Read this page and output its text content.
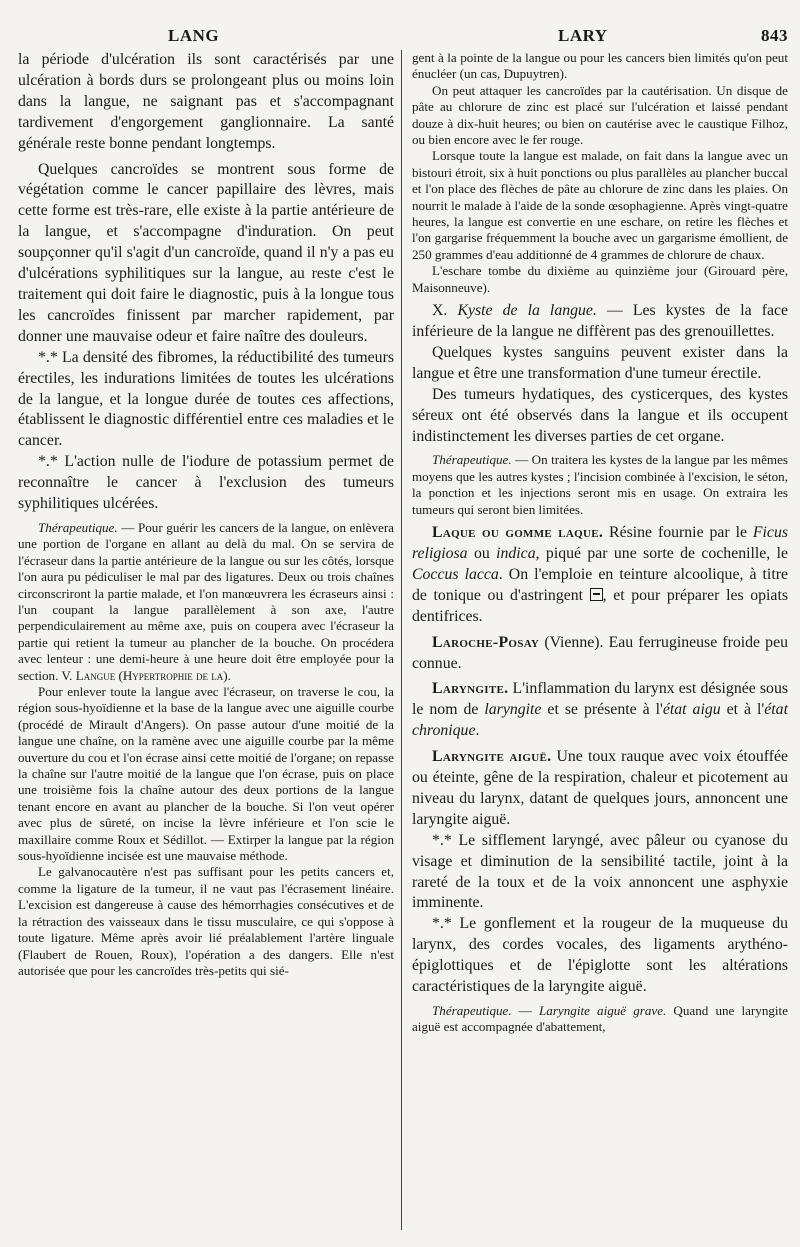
LANG	LARY	843

la période d'ulcération ils sont caractérisés par une ulcération à bords durs se prolongeant plus ou moins loin dans la langue, ne saignant pas et s'accompagnant tardivement d'engorgement ganglionnaire. La santé générale reste bonne pendant longtemps.

Quelques cancroïdes se montrent sous forme de végétation comme le cancer papillaire des lèvres, mais cette forme est très-rare, elle existe à la partie antérieure de la langue, et s'accompagne d'induration. On peut soupçonner qu'il s'agit d'un cancroïde, quand il n'y a pas eu d'ulcérations syphilitiques sur la langue, au reste c'est le traitement qui doit faire le diagnostic, puis à la longue tous les cancroïdes finissent par marcher rapidement, par donner une mauvaise odeur et faire naître des douleurs.

*.* La densité des fibromes, la réductibilité des tumeurs érectiles, les indurations limitées de toutes les ulcérations de la langue, et la longue durée de toutes ces affections, établissent le diagnostic différentiel entre ces maladies et le cancer.

*.* L'action nulle de l'iodure de potassium permet de reconnaître le cancer à l'exclusion des tumeurs syphilitiques ulcérées.

Thérapeutique. — Pour guérir les cancers de la langue, on enlèvera une portion de l'organe en allant au delà du mal. On se servira de l'écraseur dans la partie antérieure de la langue ou sur les côtés, lorsque l'on aura pu pédiculiser le mal par des ligatures. Deux ou trois chaînes circonscriront la partie malade, et l'on manœuvrera les écraseurs ainsi : l'un coupant la langue parallèlement à son axe, l'autre perpendiculairement au même axe, puis on coupera avec l'écraseur la partie qui retient la tumeur au plancher de la bouche. On procédera avec lenteur : une demi-heure à une heure doit être employée pour la section. V. Langue (Hypertrophie de la).

Pour enlever toute la langue avec l'écraseur, on traverse le cou, la région sous-hyoïdienne et la base de la langue avec une aiguille courbe (procédé de Mirault d'Angers). On passe autour d'une moitié de la langue une chaîne, on la ramène avec une aiguille courbe par la même ouverture du cou et l'on écrase ainsi cette moitié de l'organe; on repasse la chaîne sur l'autre moitié de la langue que l'on écrase, puis on place une troisième fois la chaîne autour des deux portions de la langue tenant encore en avant au plancher de la bouche. Si l'on veut opérer avec plus de sûreté, on incise la lèvre inférieure et l'on scie le maxillaire comme Roux et Sédillot. — Extirper la langue par la région sous-hyoïdienne incisée est une mauvaise méthode.

Le galvanocautère n'est pas suffisant pour les petits cancers et, comme la ligature de la tumeur, il ne vaut pas l'écrasement linéaire. L'excision est dangereuse à cause des hémorrhagies consécutives et de la rétraction des vaisseaux dans le tissu musculaire, ce qui s'oppose à toute ligature. Même après avoir lié préalablement l'artère linguale (Flaubert de Rouen, Roux), l'opération a des dangers. Elle n'est autorisée que pour les cancroïdes très-petits qui sié-

gent à la pointe de la langue ou pour les cancers bien limités qu'on peut énucléer (un cas, Dupuytren).

On peut attaquer les cancroïdes par la cautérisation. Un disque de pâte au chlorure de zinc est placé sur l'ulcération et laissé pendant douze à dix-huit heures; ou bien on cautérise avec le caustique Filhoz, ou bien encore avec le fer rouge.

Lorsque toute la langue est malade, on fait dans la langue avec un bistouri étroit, six à huit ponctions ou plus parallèles au plancher buccal et l'on place des flèches de pâte au chlorure de zinc dans les plaies. On nourrit le malade à l'aide de la sonde œsophagienne. Après vingt-quatre heures, la langue est convertie en une eschare, on retire les flèches et l'on gargarise fréquemment la bouche avec un gargarisme émollient, de 250 grammes d'eau additionné de 4 grammes de chlorure de chaux.

L'eschare tombe du dixième au quinzième jour (Girouard père, Maisonneuve).

X. Kyste de la langue. — Les kystes de la face inférieure de la langue ne diffèrent pas des grenouillettes.

Quelques kystes sanguins peuvent exister dans la langue et être une transformation d'une tumeur érectile.

Des tumeurs hydatiques, des cysticerques, des kystes séreux ont été observés dans la langue et ils occupent indistinctement les diverses parties de cet organe.

Thérapeutique. — On traitera les kystes de la langue par les mêmes moyens que les autres kystes ; l'incision combinée à l'excision, le séton, la ponction et les injections seront mis en usage. On extraira les tumeurs qui seront bien limitées.

Laque ou gomme laque. Résine fournie par le Ficus religiosa ou indica, piqué par une sorte de cochenille, le Coccus lacca. On l'emploie en teinture alcoolique, à titre de tonique ou d'astringent , et pour préparer les opiats dentifrices.

Laroche-Posay (Vienne). Eau ferrugineuse froide peu connue.

Laryngite. L'inflammation du larynx est désignée sous le nom de laryngite et se présente à l'état aigu et à l'état chronique.

Laryngite aiguë. Une toux rauque avec voix étouffée ou éteinte, gêne de la respiration, chaleur et picotement au niveau du larynx, datant de quelques jours, annoncent une laryngite aiguë.

*.* Le sifflement laryngé, avec pâleur ou cyanose du visage et diminution de la sensibilité tactile, joint à la rareté de la toux et de la voix annoncent une asphyxie imminente.

*.* Le gonflement et la rougeur de la muqueuse du larynx, des cordes vocales, des ligaments arythéno-épiglottiques et de l'épiglotte sont les altérations caractéristiques de la laryngite aiguë.

Thérapeutique. — Laryngite aiguë grave. Quand une laryngite aiguë est accompagnée d'abattement,
